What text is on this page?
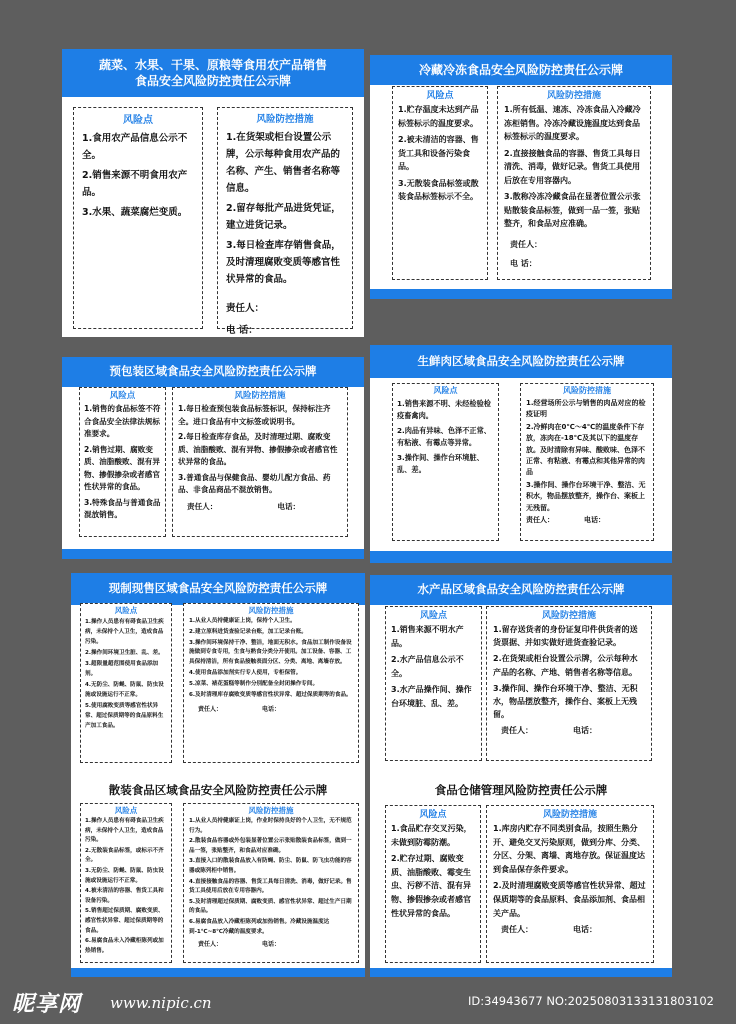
蔬菜、水果、干果、原粮等食用农产品销售
食品安全风险防控责任公示牌
风险点

1.食用农产品信息公示不全。

2.销售来源不明食用农产品。

3.水果、蔬菜腐烂变质。

风险防控措施

1.在货架或柜台设置公示牌，公示每种食用农产品的名称、产生、销售者名称等信息。

2.留存每批产品进货凭证，建立进货记录。

3.每日检查库存销售食品，及时清理腐败变质等感官性状异常的食品。

责任人：
电 话：
冷藏冷冻食品安全风险防控责任公示牌
风险点

1.贮存温度未达到产品标签标示的温度要求。

2.被未清洁的容器、售货工具和设备污染食品。

3.无散装食品标签或散装食品标签标示不全。

风险防控措施

1.所有低温、速冻、冷冻食品入冷藏冷冻柜销售。冷冻冷藏设施温度达到食品标签标示的温度要求。

2.直接接触食品的容器、售货工具每日清洗、消毒，做好记录。售货工具使用后放在专用容器内。

3.散称冷冻冷藏食品在显著位置公示张贴散装食品标签，做到一品一签，张贴整齐，和食品对应准确。

责任人：
电 话：
预包装区域食品安全风险防控责任公示牌
风险点

1.销售的食品标签不符合食品安全法律法规标准要求。

2.销售过期、腐败变质、油脂酸败、混有异物、掺假掺杂或者感官性状异常的食品。

3.特殊食品与普通食品混放销售。

风险防控措施

1.每日检查预包装食品标签标识，保持标注齐全。进口食品有中文标签或说明书。

2.每日检查库存食品，及时清理过期、腐败变质、油脂酸败、混有异物、掺假掺杂或者感官性状异常的食品。

3.普通食品与保健食品、婴幼儿配方食品、药品、非食品商品不混放销售。

责任人：	电话：
生鲜肉区域食品安全风险防控责任公示牌
风险点

1.销售来源不明、未经检验检疫畜禽肉。

2.肉品有异味、色泽不正常、有粘液、有霉点等异常。

3.操作间、操作台环境脏、乱、差。

风险防控措施

1.经营场所公示与销售的肉品对应的检疫证明

2.冷鲜肉在0℃～4℃的温度条件下存放，冻肉在-18℃及其以下的温度存放。及时清除有异味、酸败味、色泽不正常、有粘液、有霉点和其他异常的肉品

3.操作间、操作台环境干净、整洁、无积水，物品摆放整齐，操作台、案板上无残留。

责任人：	电话：
现制现售区域食品安全风险防控责任公示牌
风险点

1.操作人员患有有碍食品卫生疾病，未保持个人卫生，造成食品污染。

2.操作间环境卫生脏、乱、差。

3.超限量超范围使用食品添加剂。

4.无防尘、防蝇、防鼠、防虫设施或设施运行不正常。

5.使用腐败变质等感官性状异常、超过保质期等的食品原料生产加工食品。

风险防控措施

1.从业人员持健康证上岗，保持个人卫生。

2.建立原料进货查验记录台账，加工记录台账。

3.操作间环境保持干净、整洁，地面无积水。食品加工制作设备设施做到专食专用，生食与熟食分类分开使用。加工设备、容器、工具保持清洁，所有食品接触表面分区、分类、离地、离墙存放。

4.使用食品添加剂实行专人使用，专柜保管。

5.凉菜、裱花蛋糕等制作分别配备全封闭操作专间。

6.及时清理库存腐败变质等感官性状异常、超过保质期等的食品。

责任人：	电话：
水产品区域食品安全风险防控责任公示牌
风险点

1.销售来源不明水产品。

2.水产品信息公示不全。

3.水产品操作间、操作台环境脏、乱、差。

风险防控措施

1.留存送货者的身份证复印件供货者的送货票据、并如实做好进货查验记录。

2.在货架或柜台设置公示牌，公示每种水产品的名称、产地、销售者名称等信息。

3.操作间、操作台环境干净、整洁、无积水，物品摆放整齐，操作台、案板上无残留。

责任人：	电话：
散装食品区域食品安全风险防控责任公示牌
风险点

1.操作人员患有有碍食品卫生疾病，未保持个人卫生，造成食品污染。

2.无散装食品标签，或标示不齐全。

3.无防尘、防蝇、防鼠、防虫设施或设施运行不正常。

4.被未清洁的容器、售货工具和设备污染。

5.销售超过保质期、腐败变质、感官性状异常、超过保质期等的食品。

6.易腐食品未入冷藏柜陈列或加热销售。

风险防控措施

1.从业人员持健康证上岗，作业时保持良好的个人卫生，无不规范行为。

2.散装食品容器或外包装显著位置公示张贴散装食品标签，做到一品一签，张贴整齐，和食品对应准确。

3.直接入口的散装食品放入有防蝇、防尘、防鼠、防飞虫功能的容器或陈列柜中销售。

4.直接接触食品的容器、售货工具每日清洗、消毒，做好记录。售货工具使用后放在专用容器内。

5.及时清理超过保质期、腐败变质、感官性状异常、超过生产日期的食品。

6.易腐食品放入冷藏柜陈列或加热销售。冷藏设施温度达到-1℃~8℃冷藏的温度要求。

责任人：	电话：
食品仓储管理风险防控责任公示牌
风险点

1.食品贮存交叉污染，未做到防霉防潮。

2.贮存过期、腐败变质、油脂酸败、霉变生虫、污秽不洁、混有异物、掺假掺杂或者感官性状异常的食品。

风险防控措施

1.库房内贮存不同类别食品，按照生熟分开、避免交叉污染原则，做到分库、分类、分区、分架、离墙、离地存放。保证温度达到食品保存条件要求。

2.及时清理腐败变质等感官性状异常、超过保质期等的食品原料、食品添加剂、食品相关产品。

责任人：	电话：
昵享网 www.nipic.cn	ID:34943677 NO:20250803133131803102
